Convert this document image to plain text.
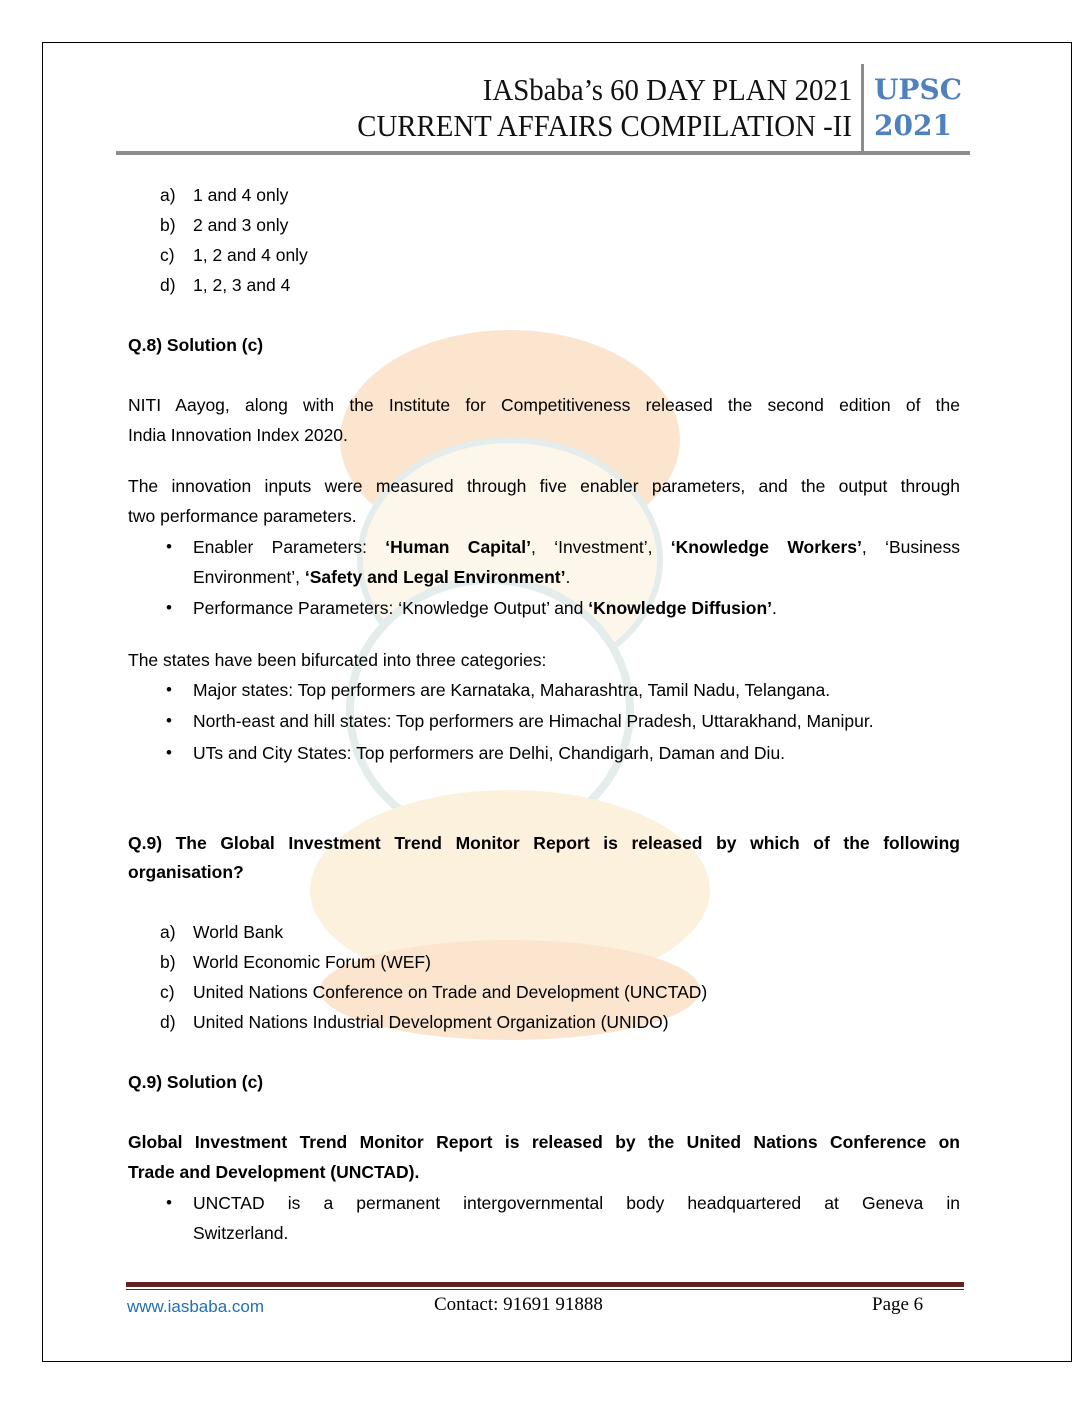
IASbaba’s 60 DAY PLAN 2021
CURRENT AFFAIRS COMPILATION -II
UPSC
2021
a) 1 and 4 only
b) 2 and 3 only
c) 1, 2 and 4 only
d) 1, 2, 3 and 4
Q.8) Solution (c)
NITI Aayog, along with the Institute for Competitiveness released the second edition of the
India Innovation Index 2020.
The innovation inputs were measured through five enabler parameters, and the output through
two performance parameters.
• Enabler Parameters: ‘Human Capital’, ‘Investment’, ‘Knowledge Workers’, ‘Business
Environment’, ‘Safety and Legal Environment’.
• Performance Parameters: ‘Knowledge Output’ and ‘Knowledge Diffusion’.
The states have been bifurcated into three categories:
• Major states: Top performers are Karnataka, Maharashtra, Tamil Nadu, Telangana.
• North-east and hill states: Top performers are Himachal Pradesh, Uttarakhand, Manipur.
• UTs and City States: Top performers are Delhi, Chandigarh, Daman and Diu.
Q.9) The Global Investment Trend Monitor Report is released by which of the following
organisation?
a) World Bank
b) World Economic Forum (WEF)
c) United Nations Conference on Trade and Development (UNCTAD)
d) United Nations Industrial Development Organization (UNIDO)
Q.9) Solution (c)
Global Investment Trend Monitor Report is released by the United Nations Conference on
Trade and Development (UNCTAD).
• UNCTAD is a permanent intergovernmental body headquartered at Geneva in
Switzerland.
www.iasbaba.com	Contact: 91691 91888	Page 6
